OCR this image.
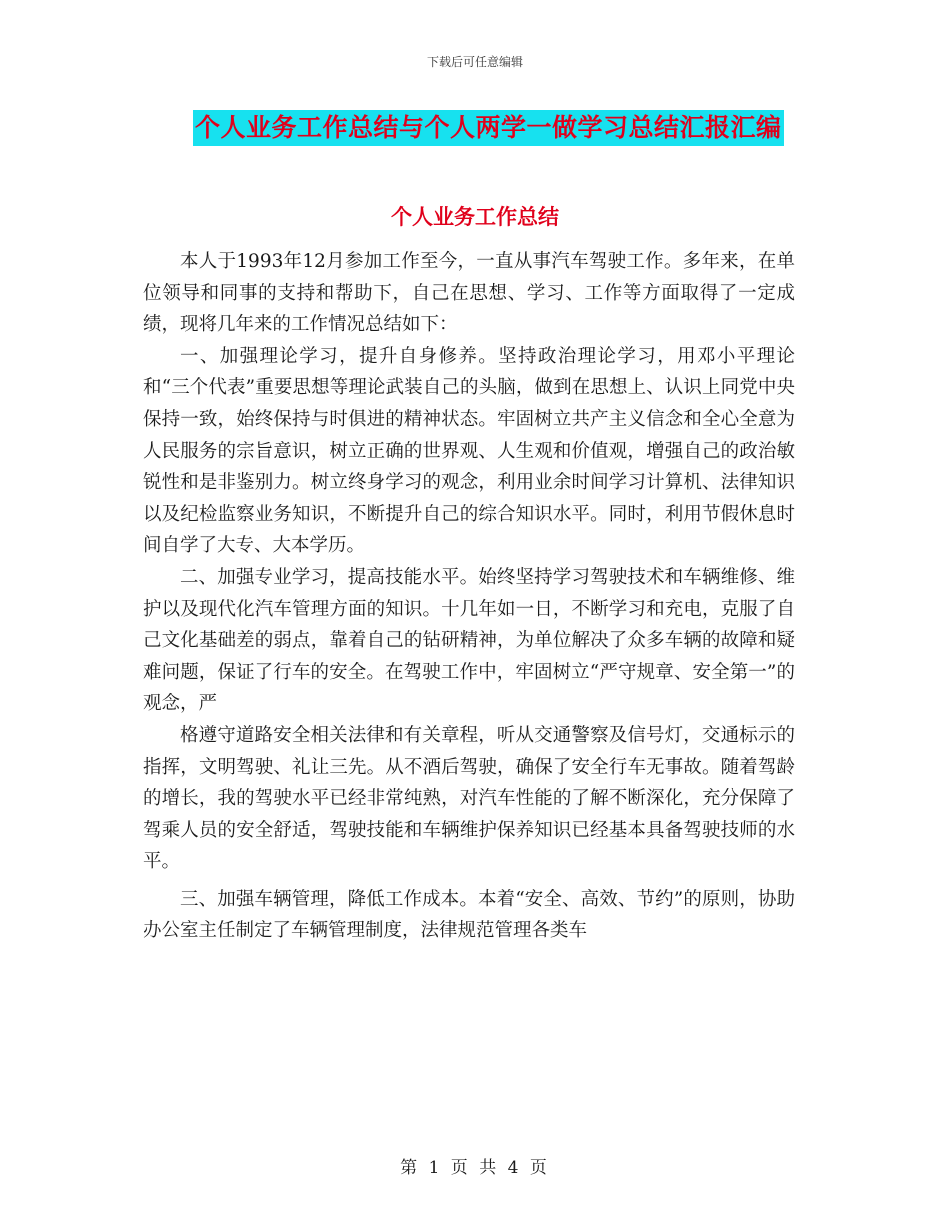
下载后可任意编辑
个人业务工作总结与个人两学一做学习总结汇报汇编
个人业务工作总结

本人于1993年12月参加工作至今，一直从事汽车驾驶工作。多年来，在单位领导和同事的支持和帮助下，自己在思想、学习、工作等方面取得了一定成绩，现将几年来的工作情况总结如下：

一、加强理论学习，提升自身修养。坚持政治理论学习，用邓小平理论和“三个代表”重要思想等理论武装自己的头脑，做到在思想上、认识上同党中央保持一致，始终保持与时俱进的精神状态。牢固树立共产主义信念和全心全意为人民服务的宗旨意识，树立正确的世界观、人生观和价值观，增强自己的政治敏锐性和是非鉴别力。树立终身学习的观念，利用业余时间学习计算机、法律知识以及纪检监察业务知识，不断提升自己的综合知识水平。同时，利用节假休息时间自学了大专、大本学历。

二、加强专业学习，提高技能水平。始终坚持学习驾驶技术和车辆维修、维护以及现代化汽车管理方面的知识。十几年如一日，不断学习和充电，克服了自己文化基础差的弱点，靠着自己的钻研精神，为单位解决了众多车辆的故障和疑难问题，保证了行车的安全。在驾驶工作中，牢固树立“严守规章、安全第一”的观念，严

格遵守道路安全相关法律和有关章程，听从交通警察及信号灯，交通标示的指挥，文明驾驶、礼让三先。从不酒后驾驶，确保了安全行车无事故。随着驾龄的增长，我的驾驶水平已经非常纯熟，对汽车性能的了解不断深化，充分保障了驾乘人员的安全舒适，驾驶技能和车辆维护保养知识已经基本具备驾驶技师的水平。

三、加强车辆管理，降低工作成本。本着“安全、高效、节约”的原则，协助办公室主任制定了车辆管理制度，法律规范管理各类车

第 1 页 共 4 页
